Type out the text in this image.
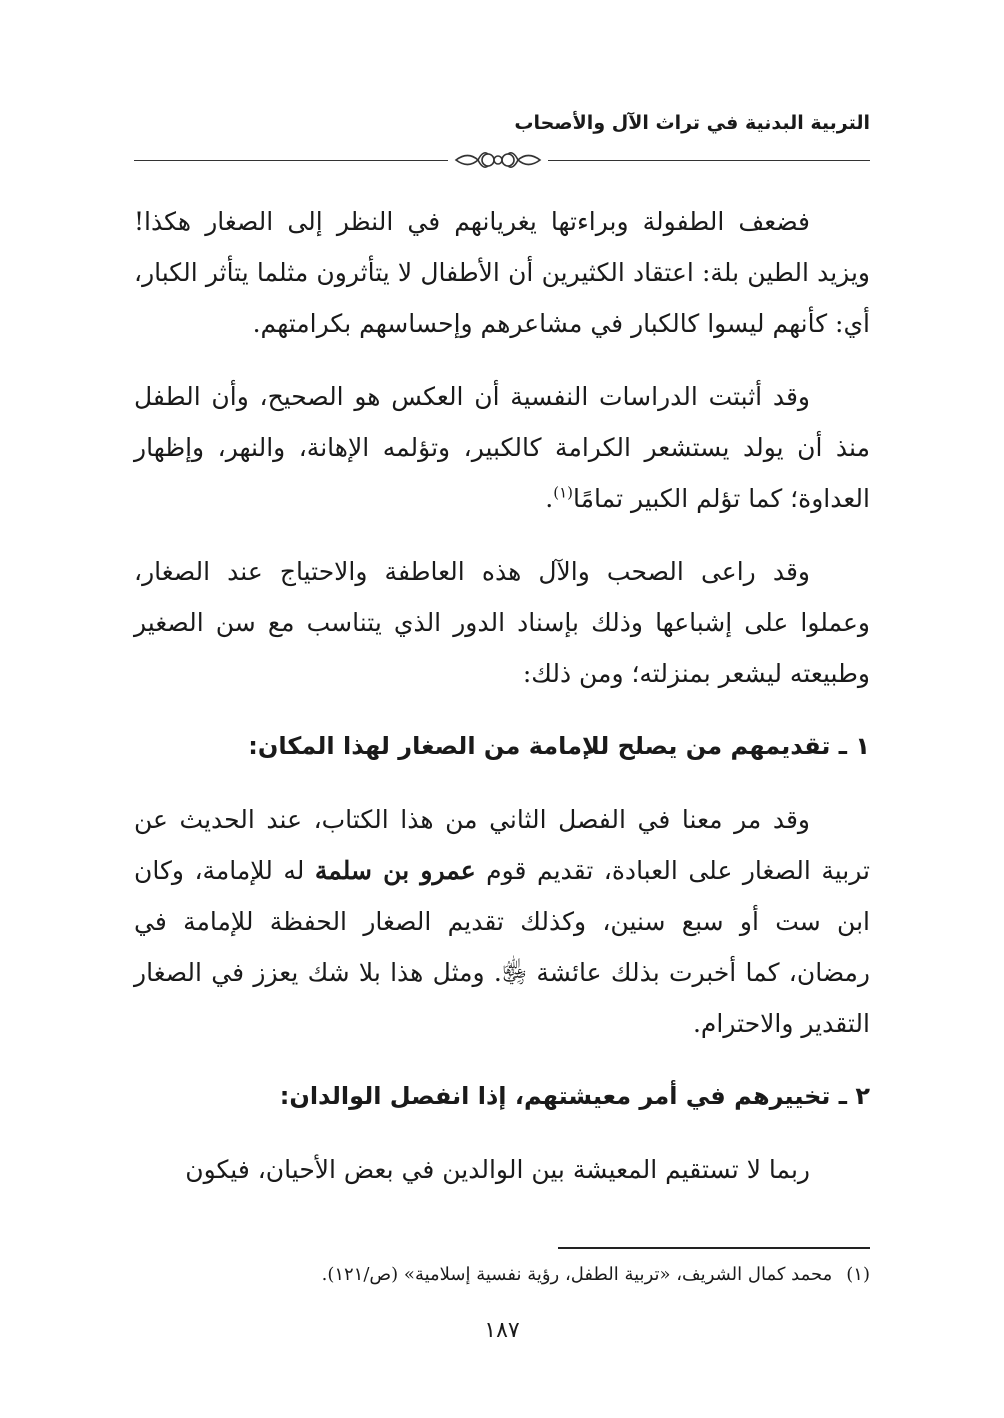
التربية البدنية في تراث الآل والأصحاب

فضعف الطفولة وبراءتها يغريانهم في النظر إلى الصغار هكذا! ويزيد الطين بلة: اعتقاد الكثيرين أن الأطفال لا يتأثرون مثلما يتأثر الكبار، أي: كأنهم ليسوا كالكبار في مشاعرهم وإحساسهم بكرامتهم.

وقد أثبتت الدراسات النفسية أن العكس هو الصحيح، وأن الطفل منذ أن يولد يستشعر الكرامة كالكبير، وتؤلمه الإهانة، والنهر، وإظهار العداوة؛ كما تؤلم الكبير تمامًا$^{(١)}$.

وقد راعى الصحب والآل هذه العاطفة والاحتياج عند الصغار، وعملوا على إشباعها وذلك بإسناد الدور الذي يتناسب مع سن الصغير وطبيعته ليشعر بمنزلته؛ ومن ذلك:

١ ـ تقديمهم من يصلح للإمامة من الصغار لهذا المكان:

وقد مر معنا في الفصل الثاني من هذا الكتاب، عند الحديث عن تربية الصغار على العبادة، تقديم قوم عمرو بن سلمة له للإمامة، وكان ابن ست أو سبع سنين، وكذلك تقديم الصغار الحفظة للإمامة في رمضان، كما أخبرت بذلك عائشة ﵂. ومثل هذا بلا شك يعزز في الصغار التقدير والاحترام.

٢ ـ تخييرهم في أمر معيشتهم، إذا انفصل الوالدان:

ربما لا تستقيم المعيشة بين الوالدين في بعض الأحيان، فيكون

(١)محمد كمال الشريف، «تربية الطفل، رؤية نفسية إسلامية» (ص/١٢١).
١٨٧
